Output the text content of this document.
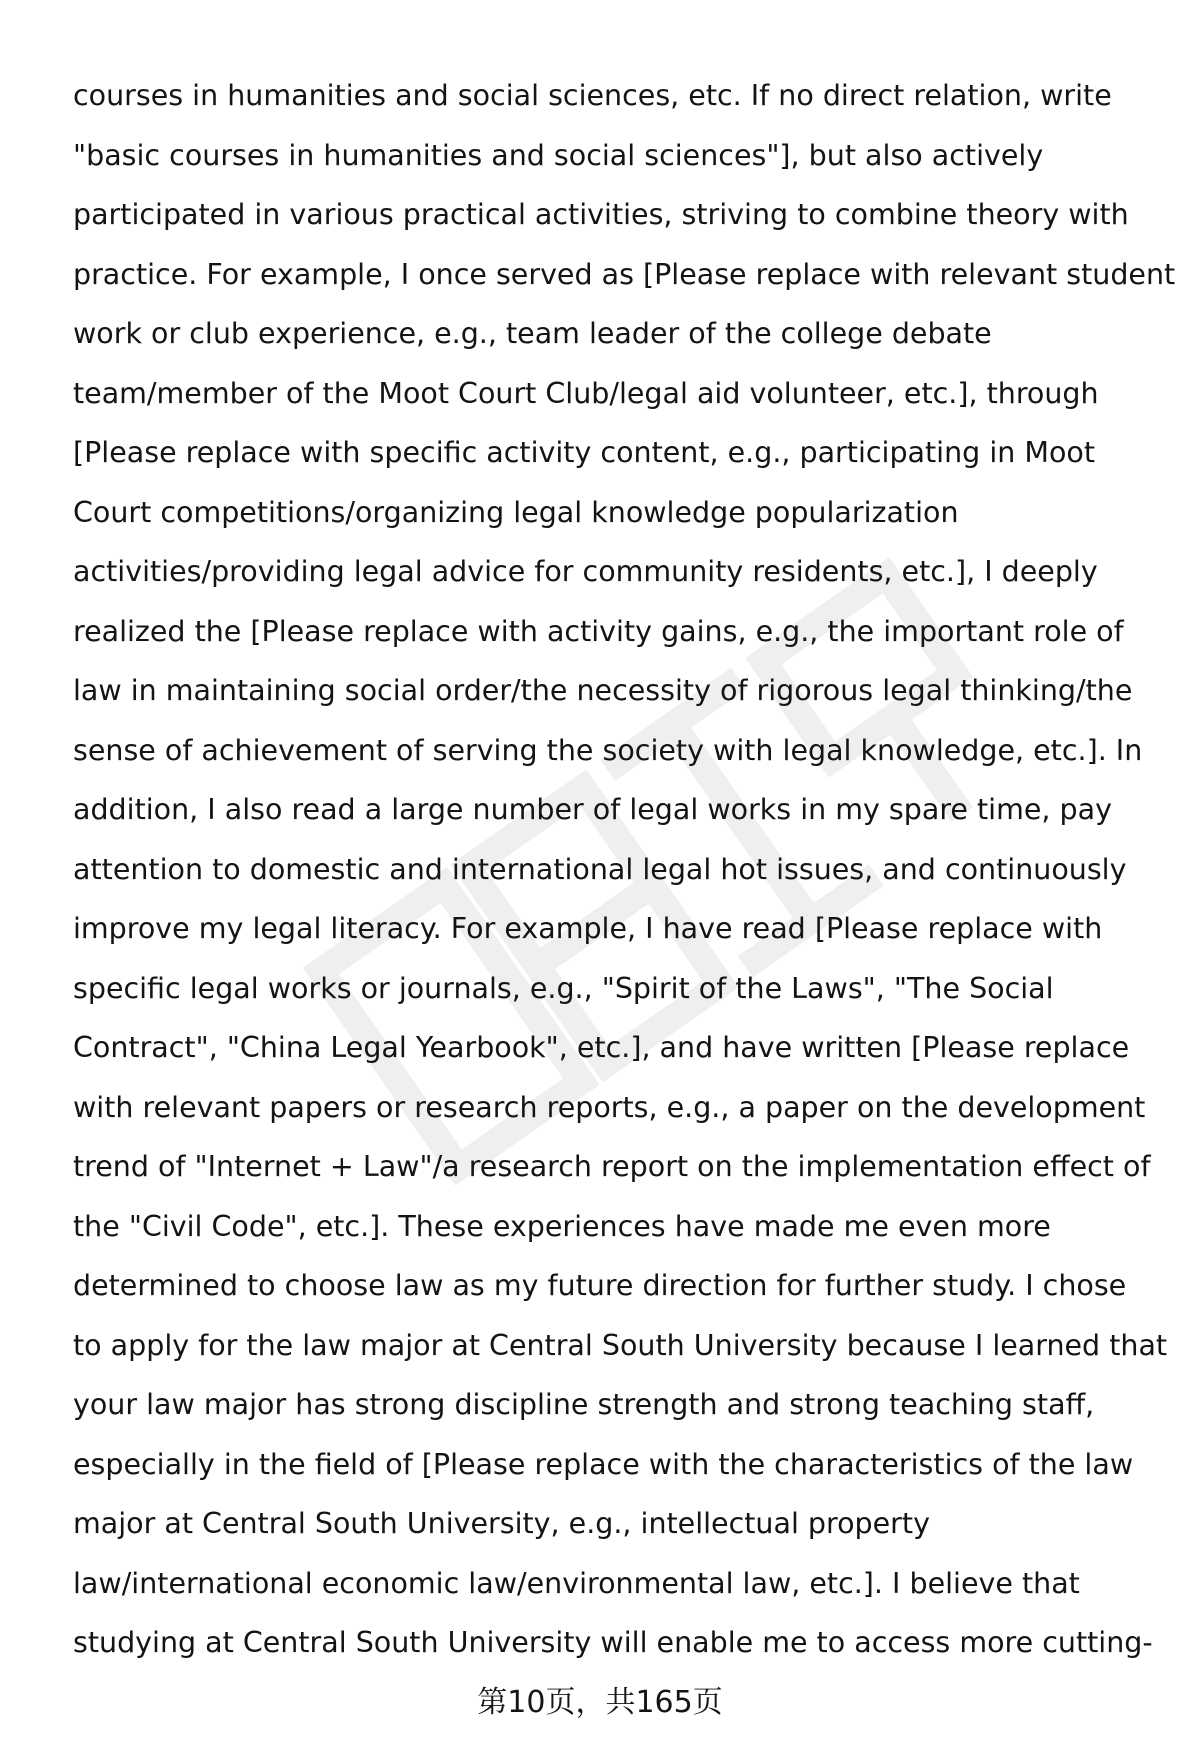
courses in humanities and social sciences, etc. If no direct relation, write
"basic courses in humanities and social sciences"], but also actively
participated in various practical activities, striving to combine theory with
practice. For example, I once served as [Please replace with relevant student
work or club experience, e.g., team leader of the college debate
team/member of the Moot Court Club/legal aid volunteer, etc.], through
[Please replace with specific activity content, e.g., participating in Moot
Court competitions/organizing legal knowledge popularization
activities/providing legal advice for community residents, etc.], I deeply
realized the [Please replace with activity gains, e.g., the important role of
law in maintaining social order/the necessity of rigorous legal thinking/the
sense of achievement of serving the society with legal knowledge, etc.]. In
addition, I also read a large number of legal works in my spare time, pay
attention to domestic and international legal hot issues, and continuously
improve my legal literacy. For example, I have read [Please replace with
specific legal works or journals, e.g., "Spirit of the Laws", "The Social
Contract", "China Legal Yearbook", etc.], and have written [Please replace
with relevant papers or research reports, e.g., a paper on the development
trend of "Internet + Law"/a research report on the implementation effect of
the "Civil Code", etc.]. These experiences have made me even more
determined to choose law as my future direction for further study. I chose
to apply for the law major at Central South University because I learned that
your law major has strong discipline strength and strong teaching staff,
especially in the field of [Please replace with the characteristics of the law
major at Central South University, e.g., intellectual property
law/international economic law/environmental law, etc.]. I believe that
studying at Central South University will enable me to access more cutting-
第10页，共165页
